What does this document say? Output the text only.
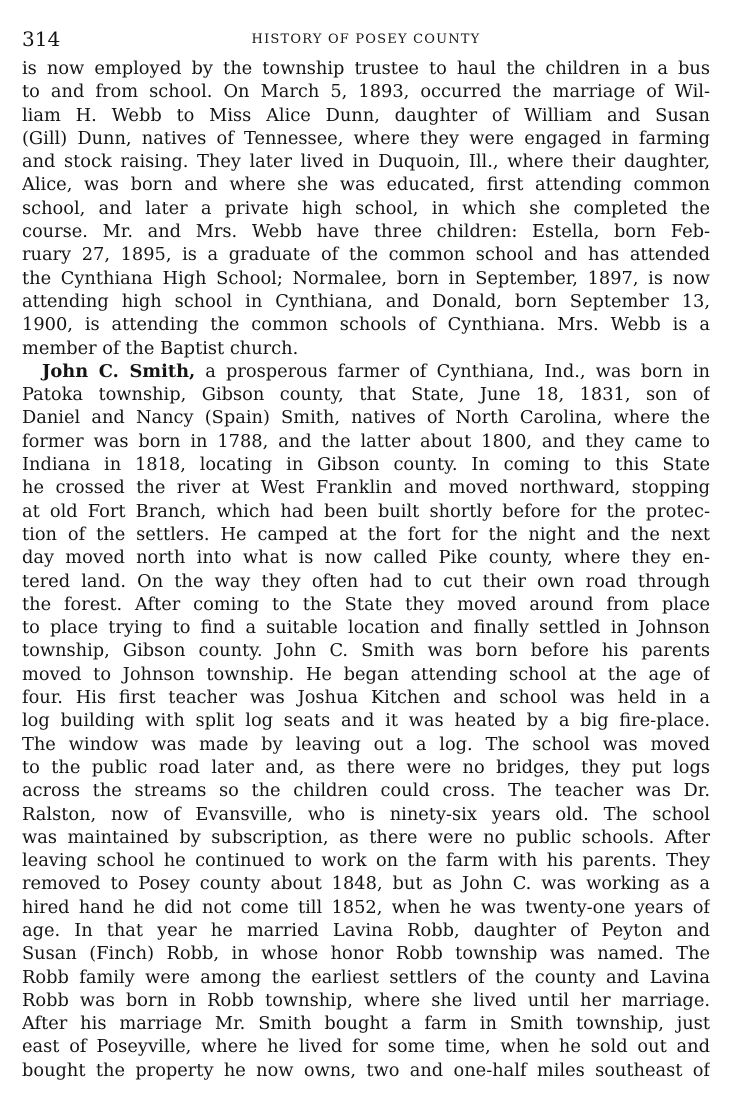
314	HISTORY OF POSEY COUNTY
is now employed by the township trustee to haul the children in a bus
to and from school. On March 5, 1893, occurred the marriage of Wil-
liam H. Webb to Miss Alice Dunn, daughter of William and Susan
(Gill) Dunn, natives of Tennessee, where they were engaged in farming
and stock raising. They later lived in Duquoin, Ill., where their daughter,
Alice, was born and where she was educated, first attending common
school, and later a private high school, in which she completed the
course. Mr. and Mrs. Webb have three children: Estella, born Feb-
ruary 27, 1895, is a graduate of the common school and has attended
the Cynthiana High School; Normalee, born in September, 1897, is now
attending high school in Cynthiana, and Donald, born September 13,
1900, is attending the common schools of Cynthiana. Mrs. Webb is a
member of the Baptist church.
John C. Smith, a prosperous farmer of Cynthiana, Ind., was born in
Patoka township, Gibson county, that State, June 18, 1831, son of
Daniel and Nancy (Spain) Smith, natives of North Carolina, where the
former was born in 1788, and the latter about 1800, and they came to
Indiana in 1818, locating in Gibson county. In coming to this State
he crossed the river at West Franklin and moved northward, stopping
at old Fort Branch, which had been built shortly before for the protec-
tion of the settlers. He camped at the fort for the night and the next
day moved north into what is now called Pike county, where they en-
tered land. On the way they often had to cut their own road through
the forest. After coming to the State they moved around from place
to place trying to find a suitable location and finally settled in Johnson
township, Gibson county. John C. Smith was born before his parents
moved to Johnson township. He began attending school at the age of
four. His first teacher was Joshua Kitchen and school was held in a
log building with split log seats and it was heated by a big fire-place.
The window was made by leaving out a log. The school was moved
to the public road later and, as there were no bridges, they put logs
across the streams so the children could cross. The teacher was Dr.
Ralston, now of Evansville, who is ninety-six years old. The school
was maintained by subscription, as there were no public schools. After
leaving school he continued to work on the farm with his parents. They
removed to Posey county about 1848, but as John C. was working as a
hired hand he did not come till 1852, when he was twenty-one years of
age. In that year he married Lavina Robb, daughter of Peyton and
Susan (Finch) Robb, in whose honor Robb township was named. The
Robb family were among the earliest settlers of the county and Lavina
Robb was born in Robb township, where she lived until her marriage.
After his marriage Mr. Smith bought a farm in Smith township, just
east of Poseyville, where he lived for some time, when he sold out and
bought the property he now owns, two and one-half miles southeast of
